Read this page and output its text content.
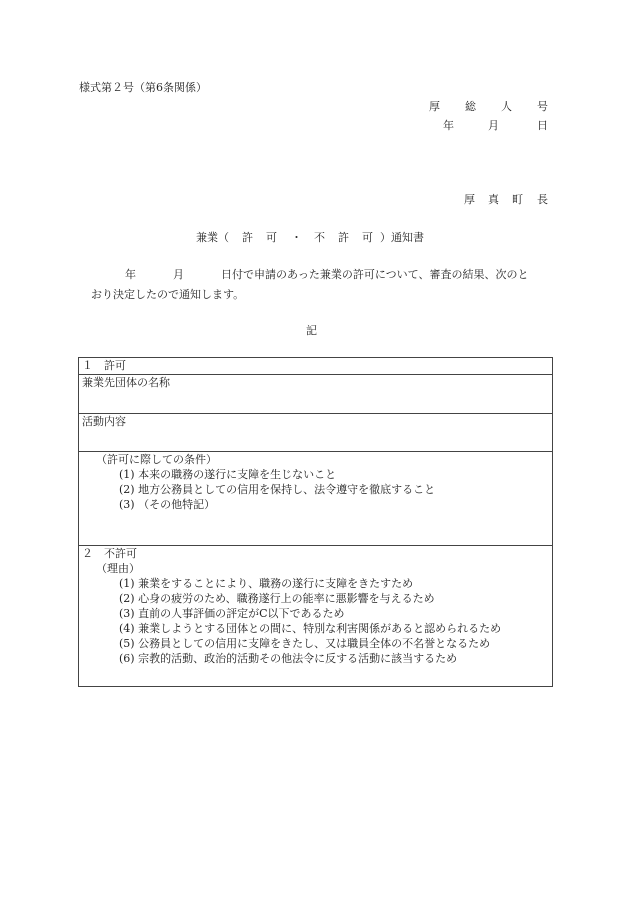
様式第２号（第6条関係）
厚 総 人 号
年	月	日
厚 真 町 長
兼業（ 許 可 ・ 不 許 可 ）通知書
年	月	日付で申請のあった兼業の許可について、審査の結果、次のと
おり決定したので通知します。
記
１　許可
兼業先団体の名称
活動内容

（許可に際しての条件）
(1) 本来の職務の遂行に支障を生じないこと
(2) 地方公務員としての信用を保持し、法令遵守を徹底すること
(3) （その他特記）

２　不許可
（理由）
(1) 兼業をすることにより、職務の遂行に支障をきたすため
(2) 心身の疲労のため、職務遂行上の能率に悪影響を与えるため
(3) 直前の人事評価の評定がC以下であるため
(4) 兼業しようとする団体との間に、特別な利害関係があると認められるため
(5) 公務員としての信用に支障をきたし、又は職員全体の不名誉となるため
(6) 宗教的活動、政治的活動その他法令に反する活動に該当するため
